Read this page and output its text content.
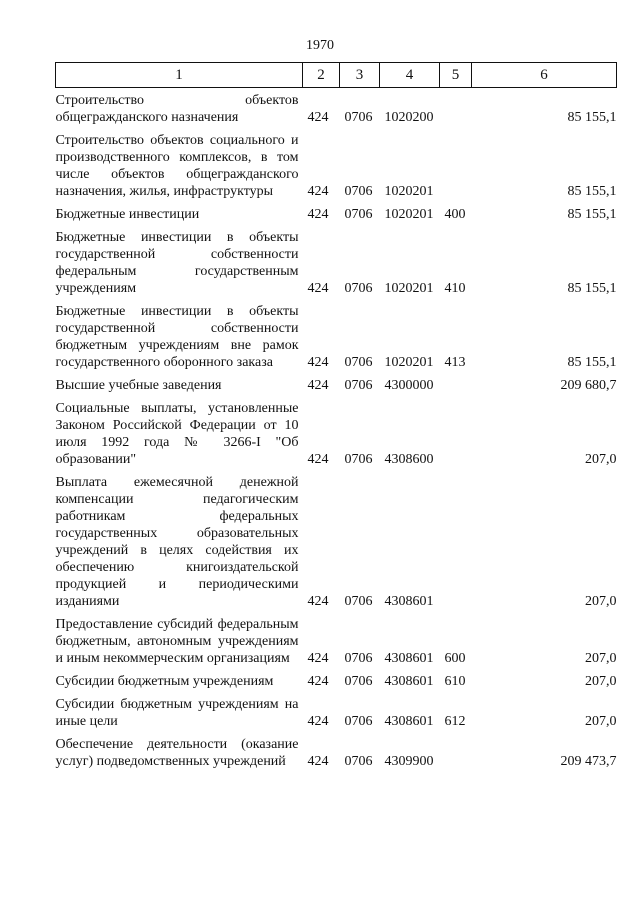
1970
1	2	3	4	5	6
Строительство объектов общегражданского назначения	424	0706	1020200		85 155,1
Строительство объектов социального и производственного комплексов, в том числе объектов общегражданского назначения, жилья, инфраструктуры	424	0706	1020201		85 155,1
Бюджетные инвестиции	424	0706	1020201	400	85 155,1
Бюджетные инвестиции в объекты государственной собственности федеральным государственным учреждениям	424	0706	1020201	410	85 155,1
Бюджетные инвестиции в объекты государственной собственности бюджетным учреждениям вне рамок государственного оборонного заказа	424	0706	1020201	413	85 155,1
Высшие учебные заведения	424	0706	4300000		209 680,7
Социальные выплаты, установленные Законом Российской Федерации от 10 июля 1992 года № 3266-I "Об образовании"	424	0706	4308600		207,0
Выплата ежемесячной денежной компенсации педагогическим работникам федеральных государственных образовательных учреждений в целях содействия их обеспечению книгоиздательской продукцией и периодическими изданиями	424	0706	4308601		207,0
Предоставление субсидий федеральным бюджетным, автономным учреждениям и иным некоммерческим организациям	424	0706	4308601	600	207,0
Субсидии бюджетным учреждениям	424	0706	4308601	610	207,0
Субсидии бюджетным учреждениям на иные цели	424	0706	4308601	612	207,0
Обеспечение деятельности (оказание услуг) подведомственных учреждений	424	0706	4309900		209 473,7
